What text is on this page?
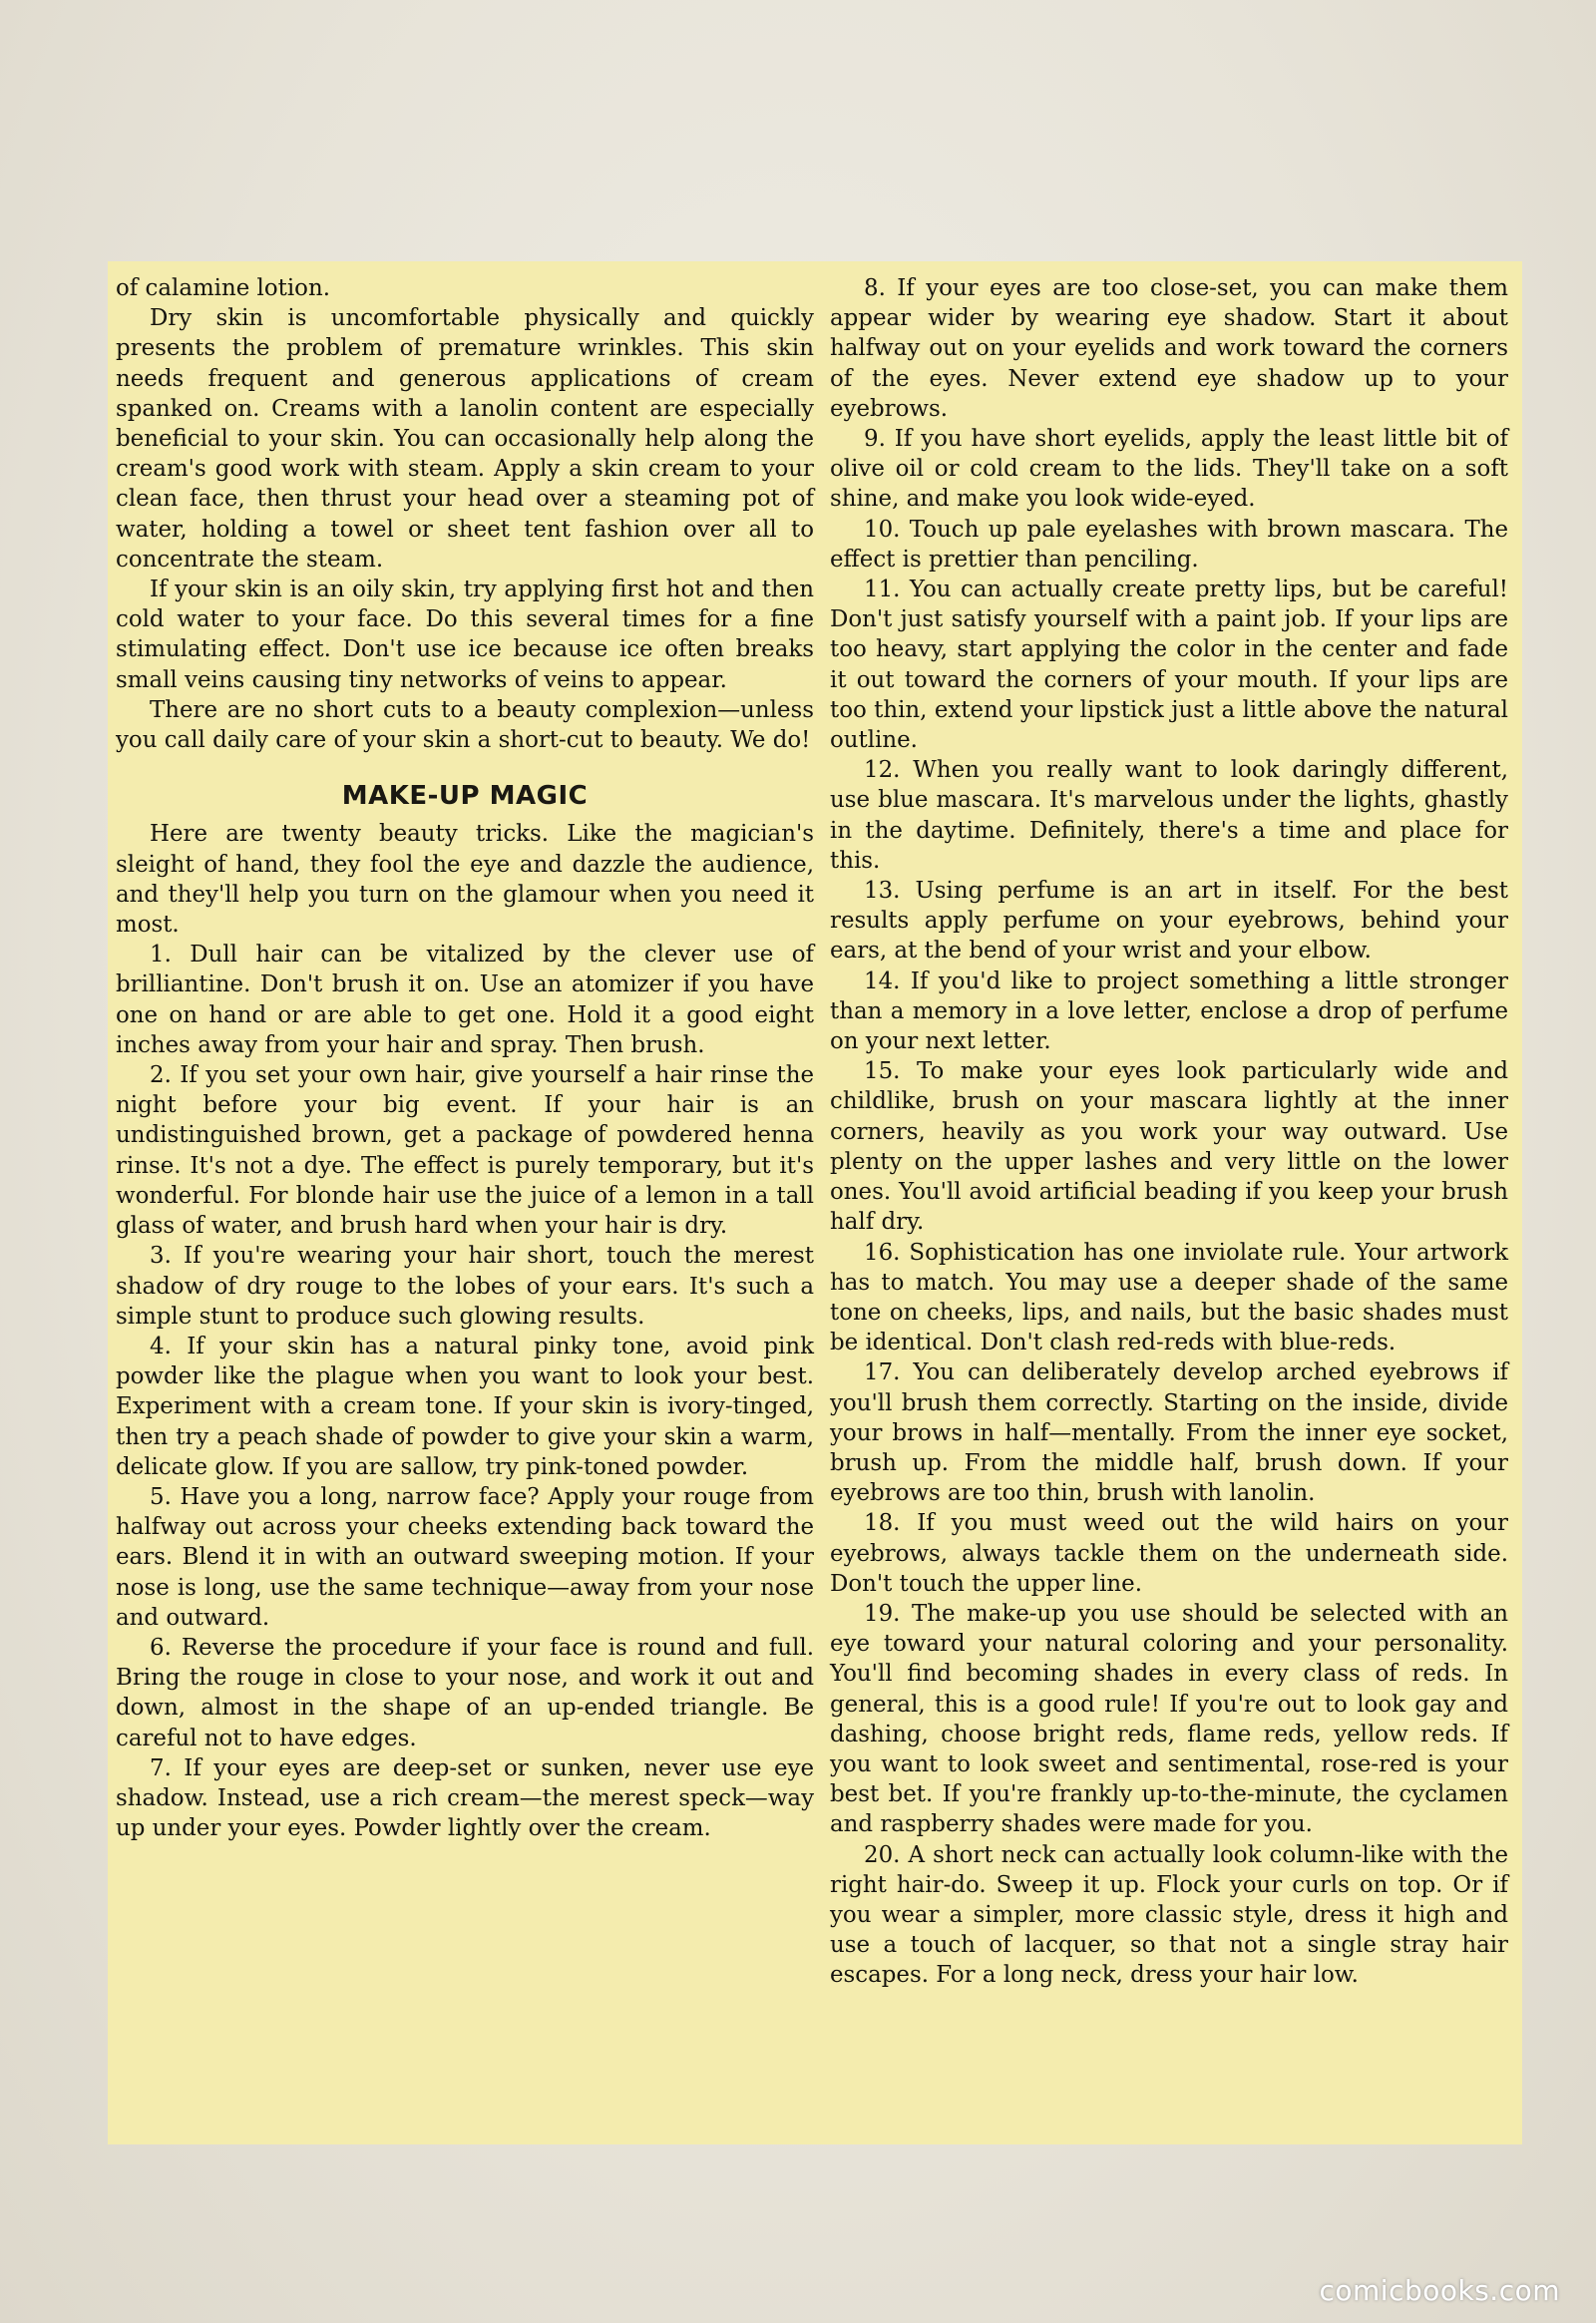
of calamine lotion.

Dry skin is uncomfortable physically and quickly presents the problem of premature wrinkles. This skin needs frequent and generous applications of cream spanked on. Creams with a lanolin content are especially beneficial to your skin. You can occasionally help along the cream's good work with steam. Apply a skin cream to your clean face, then thrust your head over a steaming pot of water, holding a towel or sheet tent fashion over all to concentrate the steam.

If your skin is an oily skin, try applying first hot and then cold water to your face. Do this several times for a fine stimulating effect. Don't use ice because ice often breaks small veins causing tiny networks of veins to appear.

There are no short cuts to a beauty complexion—unless you call daily care of your skin a short-cut to beauty. We do!

MAKE-UP MAGIC

Here are twenty beauty tricks. Like the magician's sleight of hand, they fool the eye and dazzle the audience, and they'll help you turn on the glamour when you need it most.

1. Dull hair can be vitalized by the clever use of brilliantine. Don't brush it on. Use an atomizer if you have one on hand or are able to get one. Hold it a good eight inches away from your hair and spray. Then brush.

2. If you set your own hair, give yourself a hair rinse the night before your big event. If your hair is an undistinguished brown, get a package of powdered henna rinse. It's not a dye. The effect is purely temporary, but it's wonderful. For blonde hair use the juice of a lemon in a tall glass of water, and brush hard when your hair is dry.

3. If you're wearing your hair short, touch the merest shadow of dry rouge to the lobes of your ears. It's such a simple stunt to produce such glowing results.

4. If your skin has a natural pinky tone, avoid pink powder like the plague when you want to look your best. Experiment with a cream tone. If your skin is ivory-tinged, then try a peach shade of powder to give your skin a warm, delicate glow. If you are sallow, try pink-toned powder.

5. Have you a long, narrow face? Apply your rouge from halfway out across your cheeks extending back toward the ears. Blend it in with an outward sweeping motion. If your nose is long, use the same technique—away from your nose and outward.

6. Reverse the procedure if your face is round and full. Bring the rouge in close to your nose, and work it out and down, almost in the shape of an up-ended triangle. Be careful not to have edges.

7. If your eyes are deep-set or sunken, never use eye shadow. Instead, use a rich cream—the merest speck—way up under your eyes. Powder lightly over the cream.

8. If your eyes are too close-set, you can make them appear wider by wearing eye shadow. Start it about halfway out on your eyelids and work toward the corners of the eyes. Never extend eye shadow up to your eyebrows.

9. If you have short eyelids, apply the least little bit of olive oil or cold cream to the lids. They'll take on a soft shine, and make you look wide-eyed.

10. Touch up pale eyelashes with brown mascara. The effect is prettier than penciling.

11. You can actually create pretty lips, but be careful! Don't just satisfy yourself with a paint job. If your lips are too heavy, start applying the color in the center and fade it out toward the corners of your mouth. If your lips are too thin, extend your lipstick just a little above the natural outline.

12. When you really want to look daringly different, use blue mascara. It's marvelous under the lights, ghastly in the daytime. Definitely, there's a time and place for this.

13. Using perfume is an art in itself. For the best results apply perfume on your eyebrows, behind your ears, at the bend of your wrist and your elbow.

14. If you'd like to project something a little stronger than a memory in a love letter, enclose a drop of perfume on your next letter.

15. To make your eyes look particularly wide and childlike, brush on your mascara lightly at the inner corners, heavily as you work your way outward. Use plenty on the upper lashes and very little on the lower ones. You'll avoid artificial beading if you keep your brush half dry.

16. Sophistication has one inviolate rule. Your artwork has to match. You may use a deeper shade of the same tone on cheeks, lips, and nails, but the basic shades must be identical. Don't clash red-reds with blue-reds.

17. You can deliberately develop arched eyebrows if you'll brush them correctly. Starting on the inside, divide your brows in half—mentally. From the inner eye socket, brush up. From the middle half, brush down. If your eyebrows are too thin, brush with lanolin.

18. If you must weed out the wild hairs on your eyebrows, always tackle them on the underneath side. Don't touch the upper line.

19. The make-up you use should be selected with an eye toward your natural coloring and your personality. You'll find becoming shades in every class of reds. In general, this is a good rule! If you're out to look gay and dashing, choose bright reds, flame reds, yellow reds. If you want to look sweet and sentimental, rose-red is your best bet. If you're frankly up-to-the-minute, the cyclamen and raspberry shades were made for you.

20. A short neck can actually look column-like with the right hair-do. Sweep it up. Flock your curls on top. Or if you wear a simpler, more classic style, dress it high and use a touch of lacquer, so that not a single stray hair escapes. For a long neck, dress your hair low.

comicbooks.com
